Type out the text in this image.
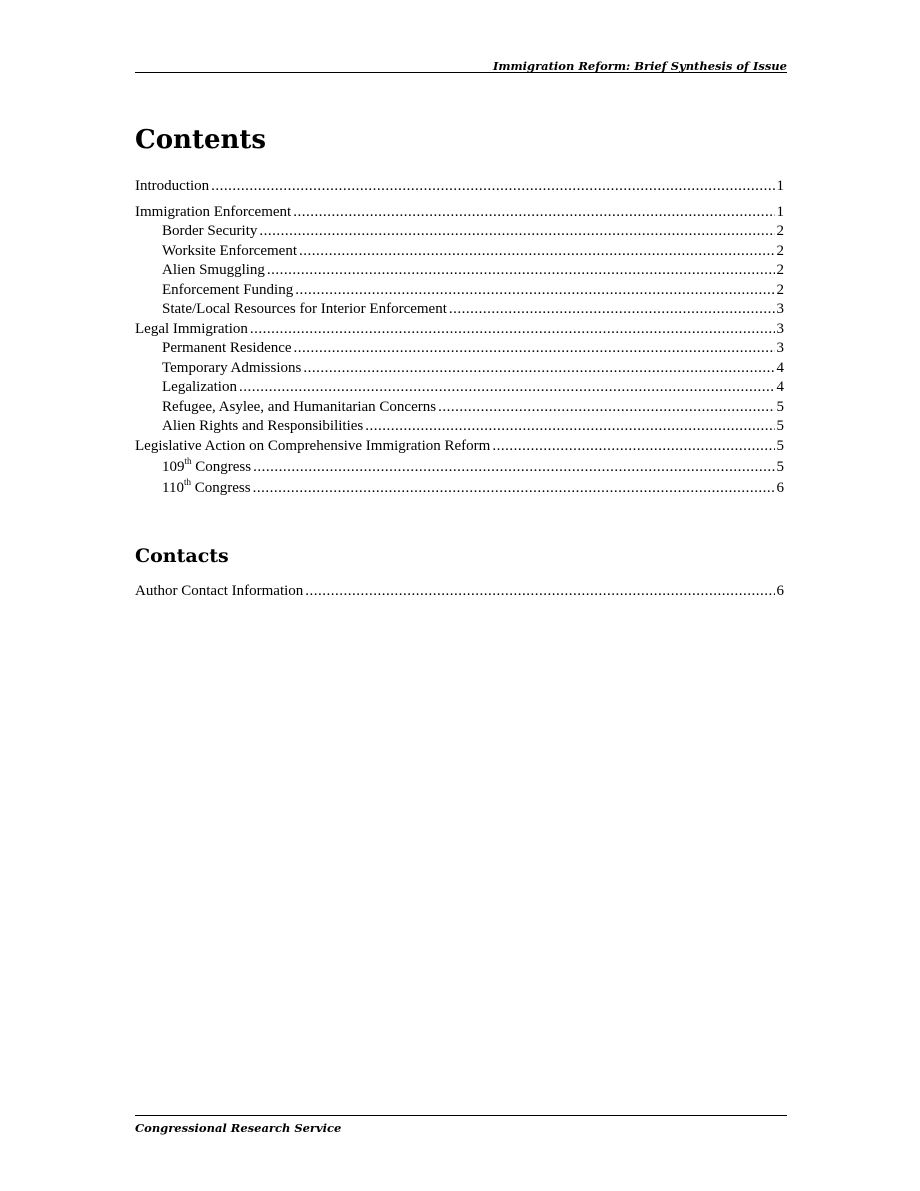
Immigration Reform: Brief Synthesis of Issue
Contents
Introduction .....	1
Immigration Enforcement .....	1
Border Security .....	2
Worksite Enforcement .....	2
Alien Smuggling .....	2
Enforcement Funding .....	2
State/Local Resources for Interior Enforcement .....	3
Legal Immigration .....	3
Permanent Residence .....	3
Temporary Admissions .....	4
Legalization .....	4
Refugee, Asylee, and Humanitarian Concerns .....	5
Alien Rights and Responsibilities .....	5
Legislative Action on Comprehensive Immigration Reform .....	5
109th Congress .....	5
110th Congress .....	6
Contacts
Author Contact Information .....	6
Congressional Research Service
